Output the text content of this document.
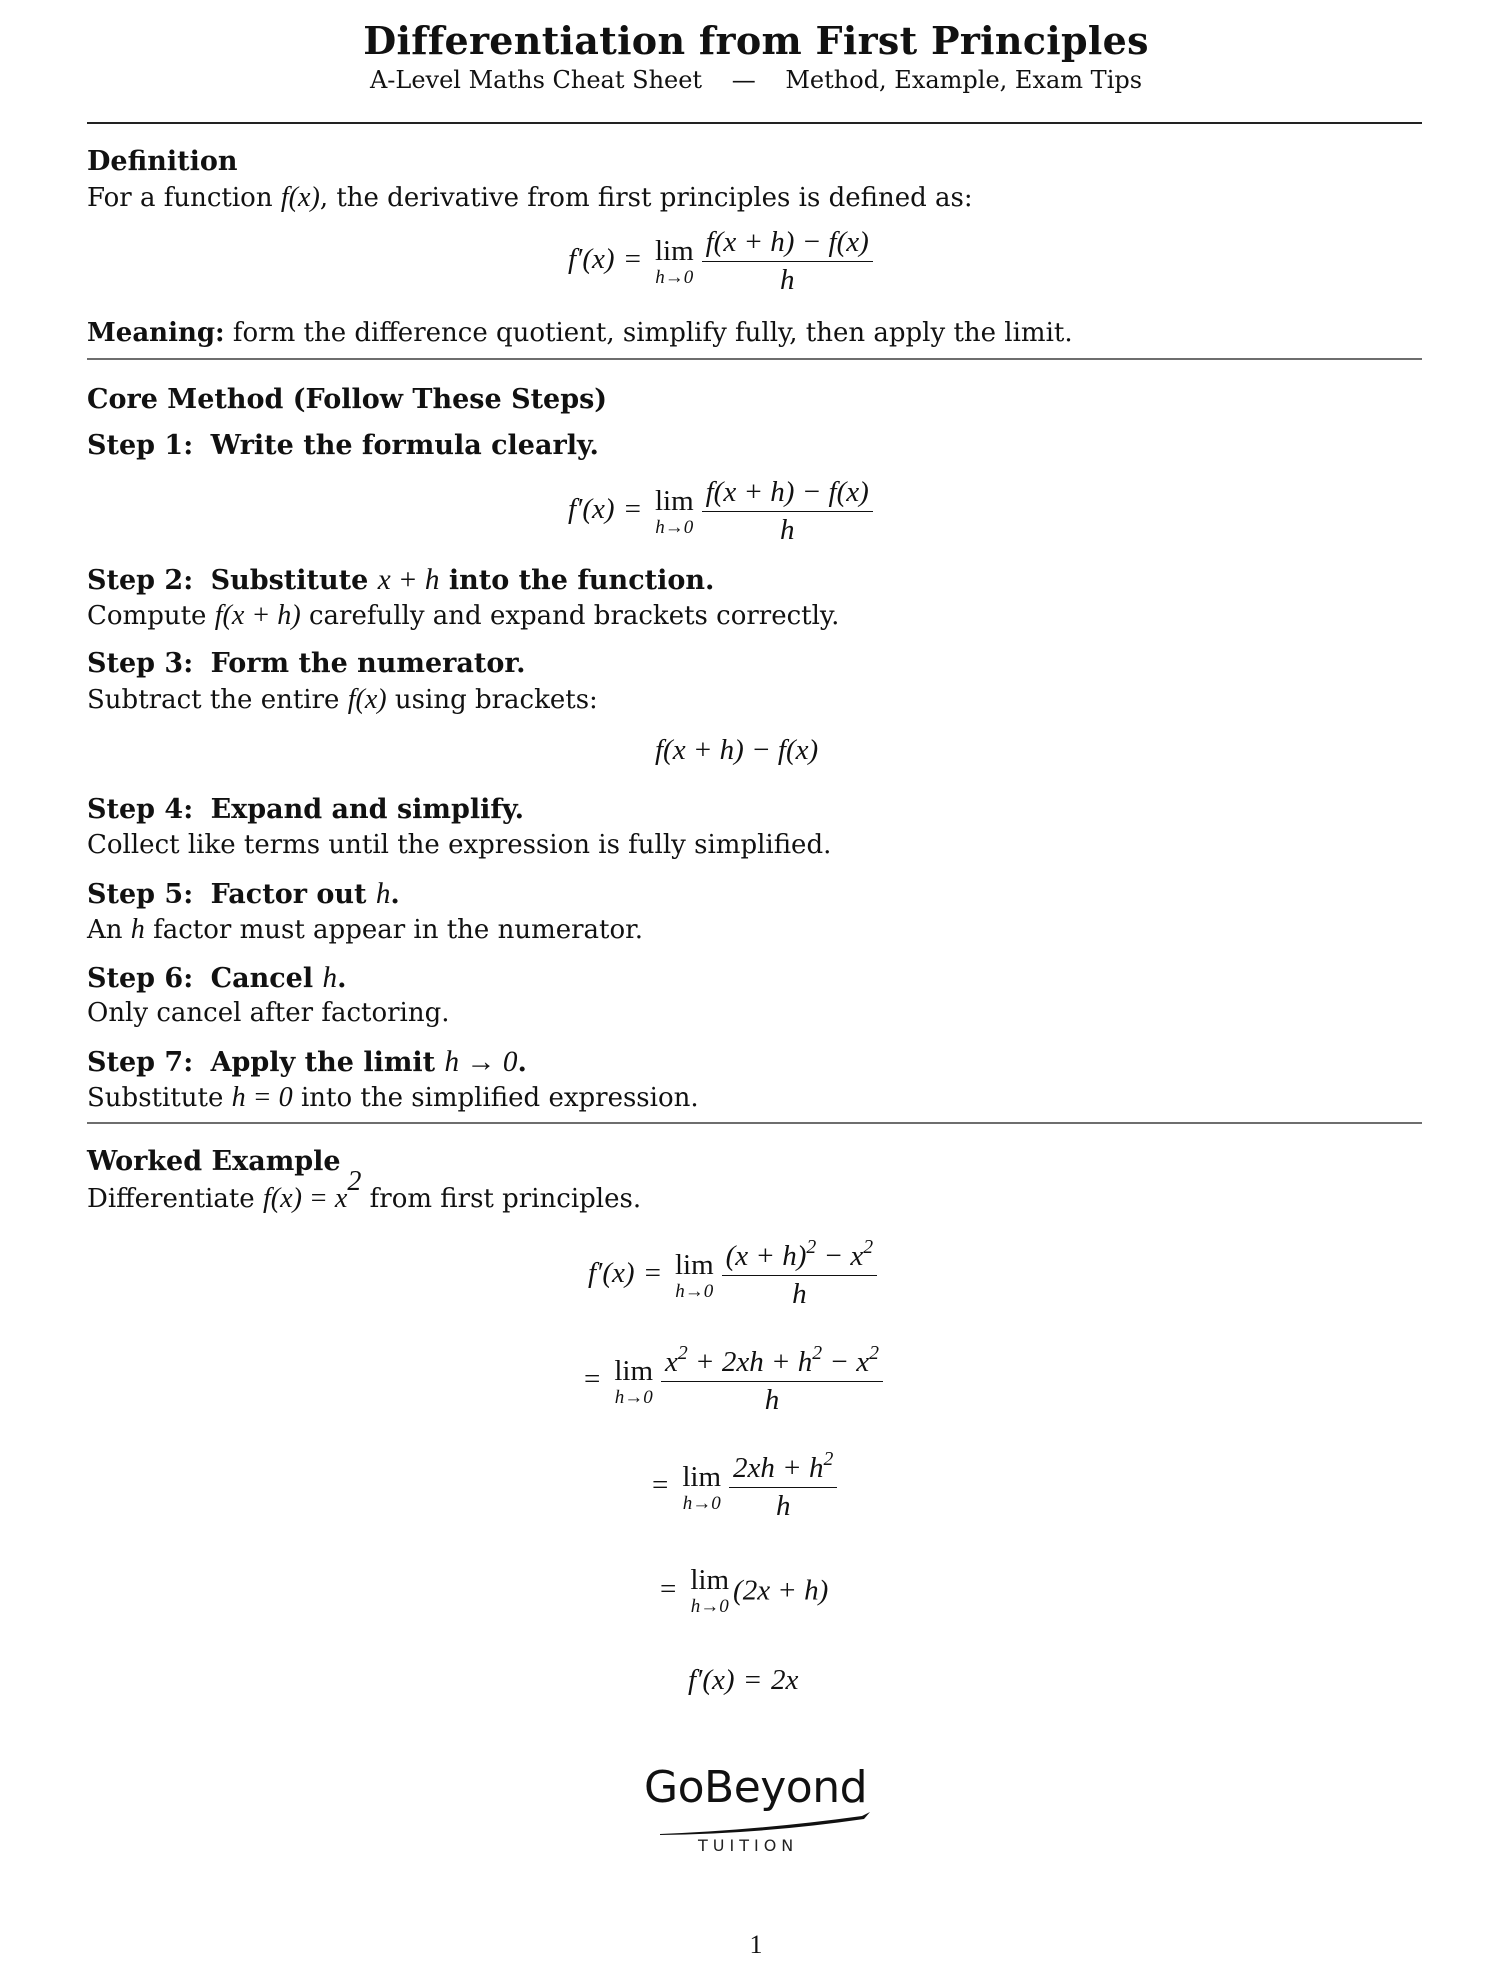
Differentiation from First Principles
A-Level Maths Cheat Sheet — Method, Example, Exam Tips
Definition
For a function f(x), the derivative from first principles is defined as:
f′(x) = lim
$h\to 0 \frac{f(x + h) - f(x)}{h}$
Meaning: form the difference quotient, simplify fully, then apply the limit.
Core Method (Follow These Steps)
Step 1: Write the formula clearly.
f′(x) = lim
$h\to 0 \frac{f(x + h) - f(x)}{h}$
Step 2: Substitute x + h into the function.
Compute f(x + h) carefully and expand brackets correctly.
Step 3: Form the numerator.
Subtract the entire f(x) using brackets:
f(x + h) − f(x)
Step 4: Expand and simplify.
Collect like terms until the expression is fully simplified.
Step 5: Factor out h.
An h factor must appear in the numerator.
Step 6: Cancel h.
Only cancel after factoring.
Step 7: Apply the limit h → 0.
Substitute h = 0 into the simplified expression.
Worked Example
Differentiate $f(x) = x^2$ from first principles.
f′(x) = lim
$h\to 0 \frac{(x + h)^2 - x^2}{h}$
= lim
$h\to 0 \frac{x^2 + 2xh + h^2 - x^2}{h}$
= lim
$h\to 0 \frac{2xh + h^2}{h}$
= lim
h→0 (2x + h)
f′(x) = 2x
GoBeyond
TUITION
1
